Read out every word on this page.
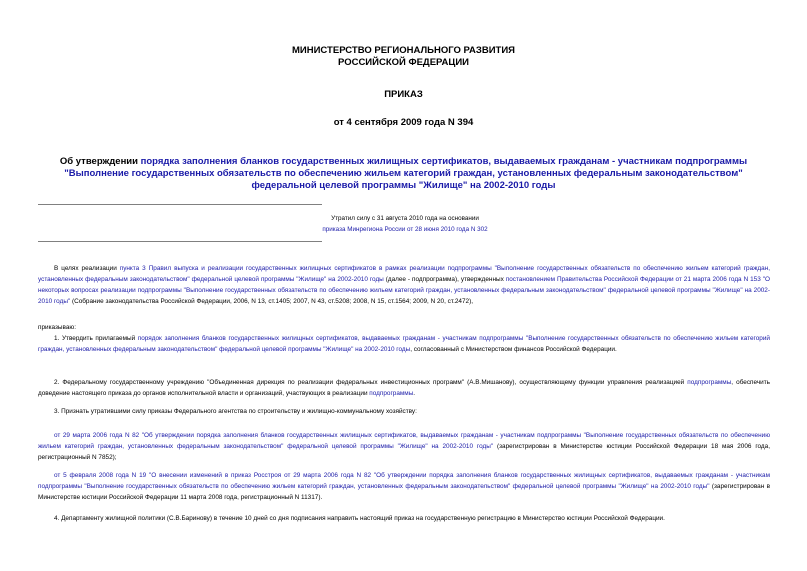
МИНИСТЕРСТВО РЕГИОНАЛЬНОГО РАЗВИТИЯ
РОССИЙСКОЙ ФЕДЕРАЦИИ
ПРИКАЗ
от 4 сентября 2009 года N 394
Об утверждении порядка заполнения бланков государственных жилищных сертификатов, выдаваемых гражданам - участникам подпрограммы "Выполнение государственных обязательств по обеспечению жильем категорий граждан, установленных федеральным законодательством" федеральной целевой программы "Жилище" на 2002-2010 годы
Утратил силу с 31 августа 2010 года на основании
приказа Минрегиона России от 28 июня 2010 года N 302
В целях реализации пункта 3 Правил выпуска и реализации государственных жилищных сертификатов в рамках реализации подпрограммы "Выполнение государственных обязательств по обеспечению жильем категорий граждан, установленных федеральным законодательством" федеральной целевой программы "Жилище" на 2002-2010 годы (далее - подпрограмма), утвержденных постановлением Правительства Российской Федерации от 21 марта 2006 года N 153 "О некоторых вопросах реализации подпрограммы "Выполнение государственных обязательств по обеспечению жильем категорий граждан, установленных федеральным законодательством" федеральной целевой программы "Жилище" на 2002-2010 годы" (Собрание законодательства Российской Федерации, 2006, N 13, ст.1405; 2007, N 43, ст.5208; 2008, N 15, ст.1564; 2009, N 20, ст.2472),
приказываю:
1. Утвердить прилагаемый порядок заполнения бланков государственных жилищных сертификатов, выдаваемых гражданам - участникам подпрограммы "Выполнение государственных обязательств по обеспечению жильем категорий граждан, установленных федеральным законодательством" федеральной целевой программы "Жилище" на 2002-2010 годы, согласованный с Министерством финансов Российской Федерации.
2. Федеральному государственному учреждению "Объединенная дирекция по реализации федеральных инвестиционных программ" (А.В.Мишанову), осуществляющему функции управления реализацией подпрограммы, обеспечить доведение настоящего приказа до органов исполнительной власти и организаций, участвующих в реализации подпрограммы.
3. Признать утратившими силу приказы Федерального агентства по строительству и жилищно-коммунальному хозяйству:
от 29 марта 2006 года N 82 "Об утверждении порядка заполнения бланков государственных жилищных сертификатов, выдаваемых гражданам - участникам подпрограммы "Выполнение государственных обязательств по обеспечению жильем категорий граждан, установленных федеральным законодательством" федеральной целевой программы "Жилище" на 2002-2010 годы" (зарегистрирован в Министерстве юстиции Российской Федерации 18 мая 2006 года, регистрационный N 7852);
от 5 февраля 2008 года N 19 "О внесении изменений в приказ Росстроя от 29 марта 2006 года N 82 "Об утверждении порядка заполнения бланков государственных жилищных сертификатов, выдаваемых гражданам - участникам подпрограммы "Выполнение государственных обязательств по обеспечению жильем категорий граждан, установленных федеральным законодательством" федеральной целевой программы "Жилище" на 2002-2010 годы" (зарегистрирован в Министерстве юстиции Российской Федерации 11 марта 2008 года, регистрационный N 11317).
4. Департаменту жилищной политики (С.В.Баринову) в течение 10 дней со дня подписания направить настоящий приказ на государственную регистрацию в Министерство юстиции Российской Федерации.
